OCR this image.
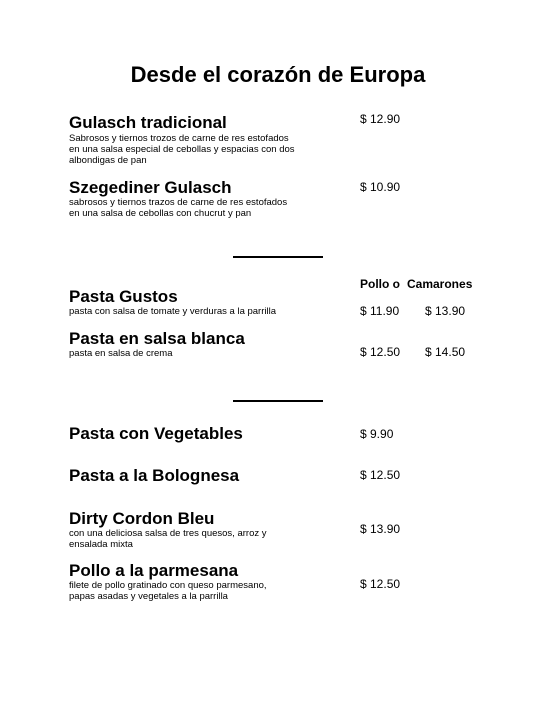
Desde el corazón de Europa
Gulasch tradicional
Sabrosos y tiernos trozos de carne de res estofados en una salsa especial de cebollas y espacias con dos albondigas de pan
$ 12.90
Szegediner Gulasch
sabrosos y tiernos trazos de carne de res estofados en una salsa de cebollas con chucrut y pan
$ 10.90
Pollo o Camarones
Pasta Gustos
pasta con salsa de tomate y verduras a la parrilla	$ 11.90 $ 13.90
Pasta en salsa blanca
pasta en salsa de crema	$ 12.50 $ 14.50
Pasta con Vegetables	$ 9.90
Pasta a la Bolognesa	$ 12.50
Dirty Cordon Bleu
con una deliciosa salsa de tres quesos, arroz y ensalada mixta
$ 13.90
Pollo a la parmesana
filete de pollo gratinado con queso parmesano, papas asadas y vegetales a la parrilla
$ 12.50
